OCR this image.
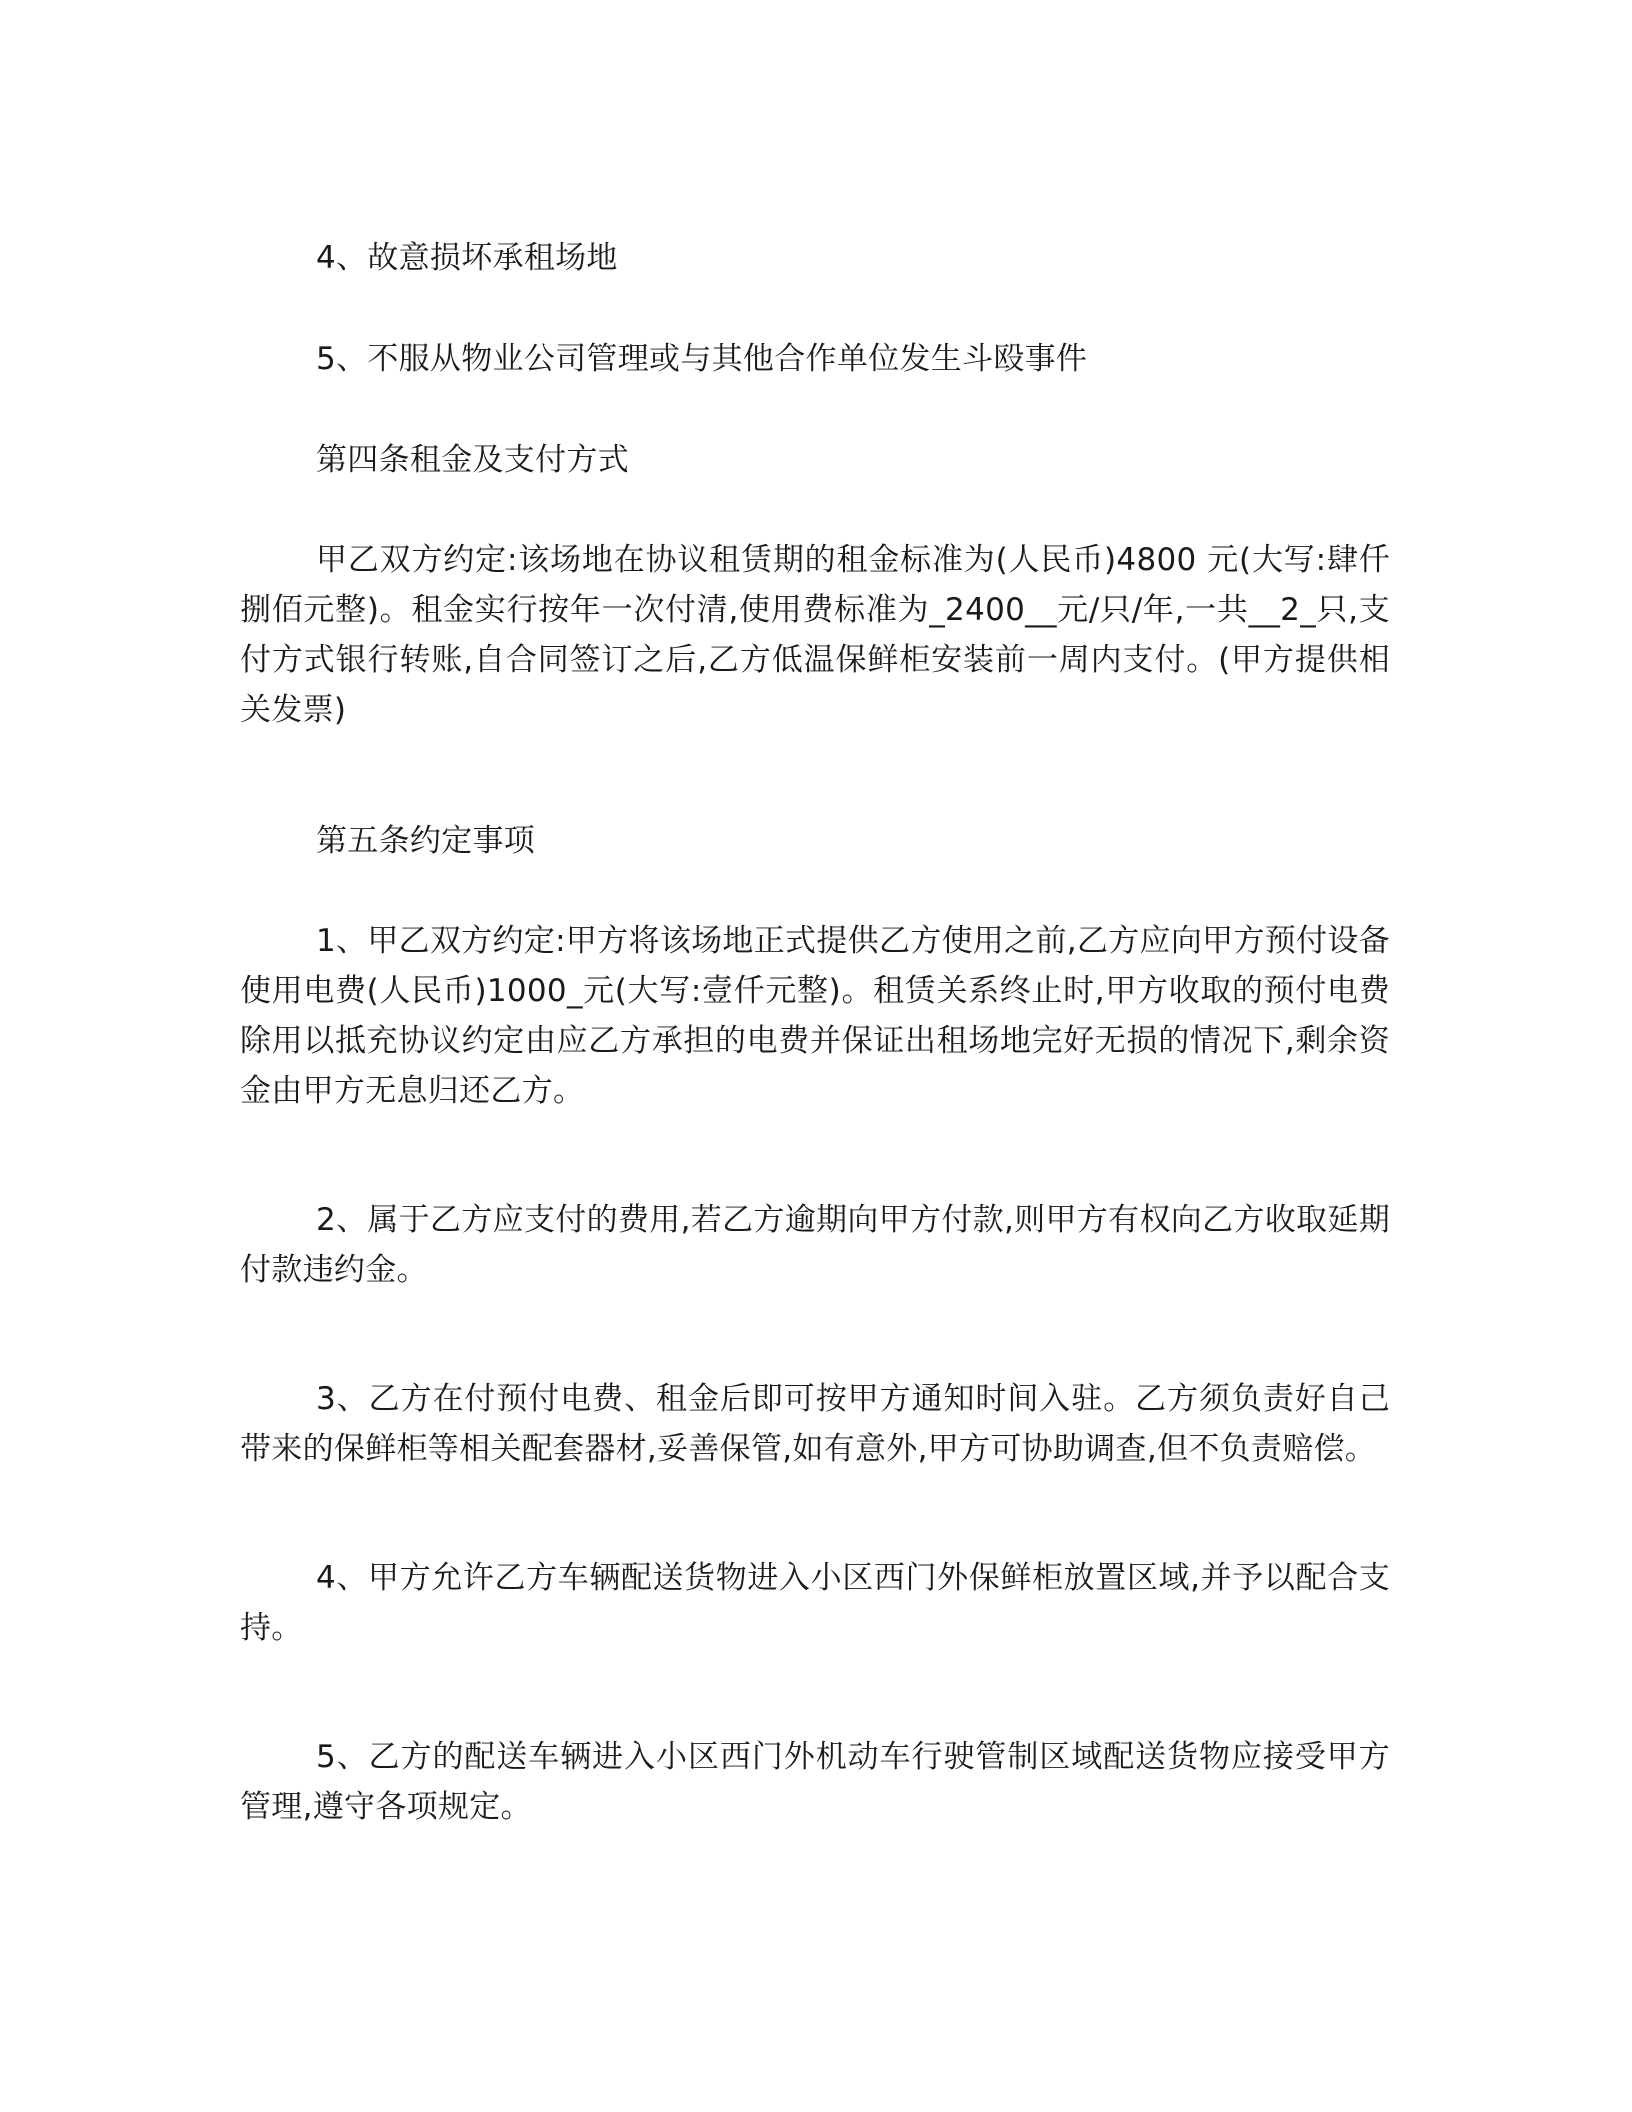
4、故意损坏承租场地

5、不服从物业公司管理或与其他合作单位发生斗殴事件

第四条租金及支付方式

甲乙双方约定:该场地在协议租赁期的租金标准为(人民币)4800 元(大写:肆仟捌佰元整)。租金实行按年一次付清,使用费标准为_2400__元/只/年,一共__2_只,支付方式银行转账,自合同签订之后,乙方低温保鲜柜安装前一周内支付。(甲方提供相关发票)

第五条约定事项

1、甲乙双方约定:甲方将该场地正式提供乙方使用之前,乙方应向甲方预付设备使用电费(人民币)1000_元(大写:壹仟元整)。租赁关系终止时,甲方收取的预付电费除用以抵充协议约定由应乙方承担的电费并保证出租场地完好无损的情况下,剩余资金由甲方无息归还乙方。

2、属于乙方应支付的费用,若乙方逾期向甲方付款,则甲方有权向乙方收取延期付款违约金。

3、乙方在付预付电费、租金后即可按甲方通知时间入驻。乙方须负责好自己带来的保鲜柜等相关配套器材,妥善保管,如有意外,甲方可协助调查,但不负责赔偿。

4、甲方允许乙方车辆配送货物进入小区西门外保鲜柜放置区域,并予以配合支持。

5、乙方的配送车辆进入小区西门外机动车行驶管制区域配送货物应接受甲方管理,遵守各项规定。
